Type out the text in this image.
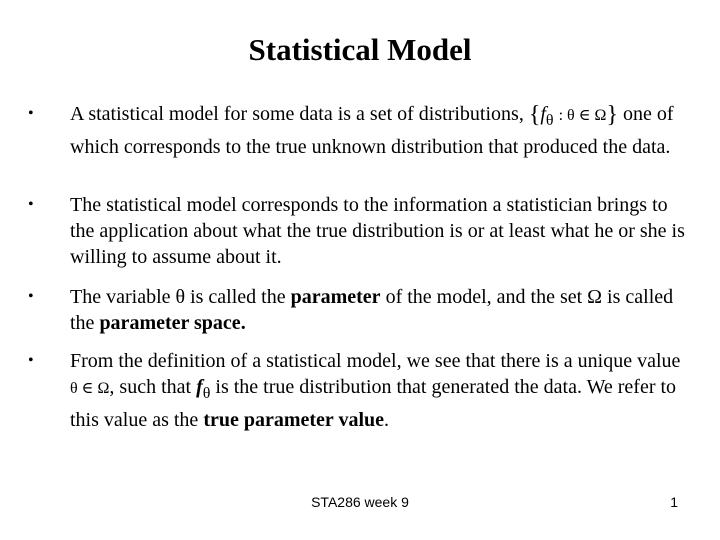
Statistical Model
• A statistical model for some data is a set of distributions, {$f_\theta$ : θ ∈ Ω} one of which corresponds to the true unknown distribution that produced the data.
• The statistical model corresponds to the information a statistician brings to the application about what the true distribution is or at least what he or she is willing to assume about it.
• The variable θ is called the parameter of the model, and the set Ω is called the parameter space.
• From the definition of a statistical model, we see that there is a unique value θ ∈ Ω, such that $f_\theta$ is the true distribution that generated the data. We refer to this value as the true parameter value.
STA286 week 9	1
